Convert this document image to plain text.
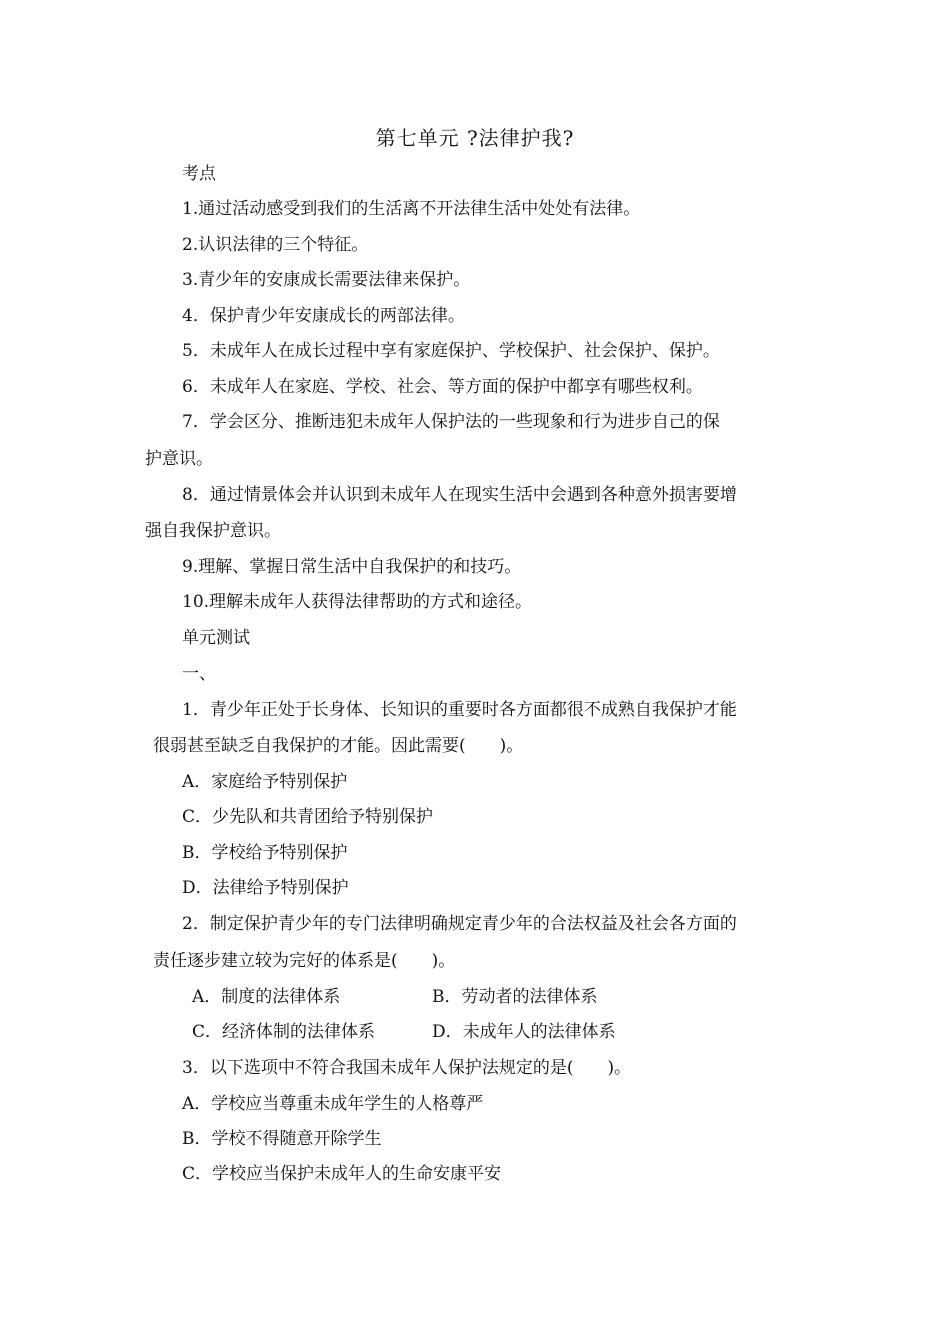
第七单元 ?法律护我?
考点
1.通过活动感受到我们的生活离不开法律生活中处处有法律。
2.认识法律的三个特征。
3.青少年的安康成长需要法律来保护。
4．保护青少年安康成长的两部法律。
5．未成年人在成长过程中享有家庭保护、学校保护、社会保护、保护。
6．未成年人在家庭、学校、社会、等方面的保护中都享有哪些权利。
7．学会区分、推断违犯未成年人保护法的一些现象和行为进步自己的保
护意识。
8．通过情景体会并认识到未成年人在现实生活中会遇到各种意外损害要增
强自我保护意识。
9.理解、掌握日常生活中自我保护的和技巧。
10.理解未成年人获得法律帮助的方式和途径。
单元测试
一、
1．青少年正处于长身体、长知识的重要时各方面都很不成熟自我保护才能
很弱甚至缺乏自我保护的才能。因此需要(　　)。
A．家庭给予特别保护
C．少先队和共青团给予特别保护
B．学校给予特别保护
D．法律给予特别保护
2．制定保护青少年的专门法律明确规定青少年的合法权益及社会各方面的
责任逐步建立较为完好的体系是(　　)。
A．制度的法律体系	B．劳动者的法律体系
C．经济体制的法律体系	D．未成年人的法律体系
3．以下选项中不符合我国未成年人保护法规定的是(　　)。
A．学校应当尊重未成年学生的人格尊严
B．学校不得随意开除学生
C．学校应当保护未成年人的生命安康平安
